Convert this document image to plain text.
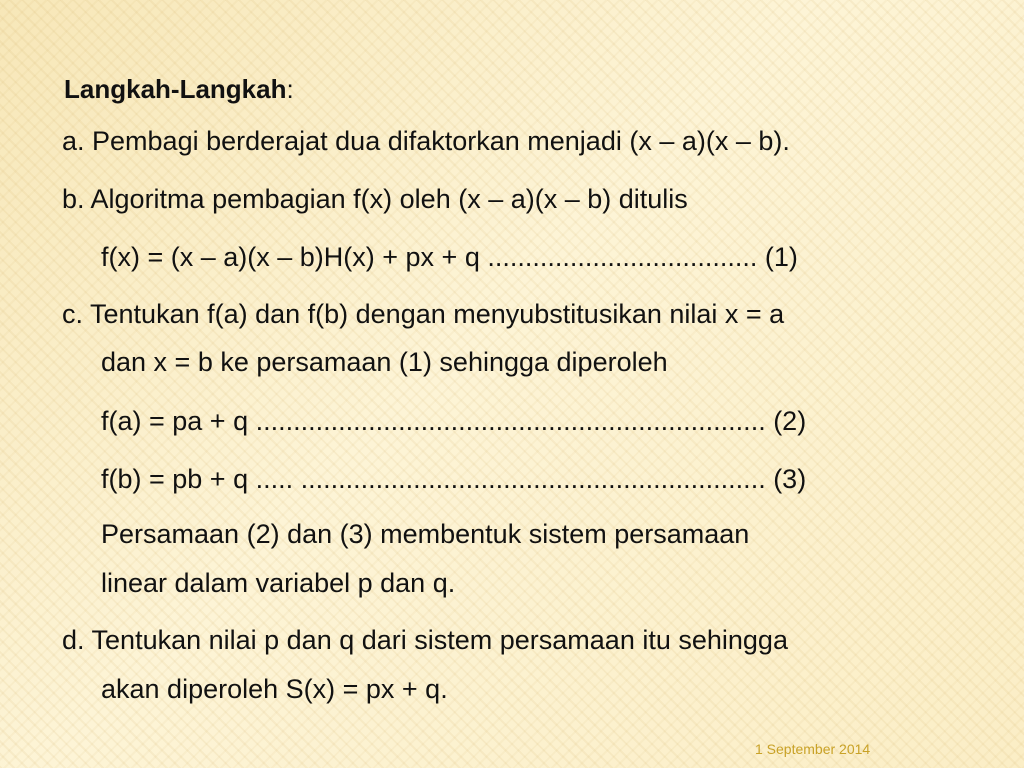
Langkah-Langkah:
a. Pembagi berderajat dua difaktorkan menjadi (x – a)(x – b).
b. Algoritma pembagian f(x) oleh (x – a)(x – b) ditulis
f(x) = (x – a)(x – b)H(x) + px + q .................................... (1)
c. Tentukan f(a) dan f(b) dengan menyubstitusikan nilai x = a
dan x = b ke persamaan (1) sehingga diperoleh
f(a) = pa + q .................................................................... (2)
f(b) = pb + q ..... .............................................................. (3)
Persamaan (2) dan (3) membentuk sistem persamaan
linear dalam variabel p dan q.
d. Tentukan nilai p dan q dari sistem persamaan itu sehingga
akan diperoleh S(x) = px + q.
1 September 2014
